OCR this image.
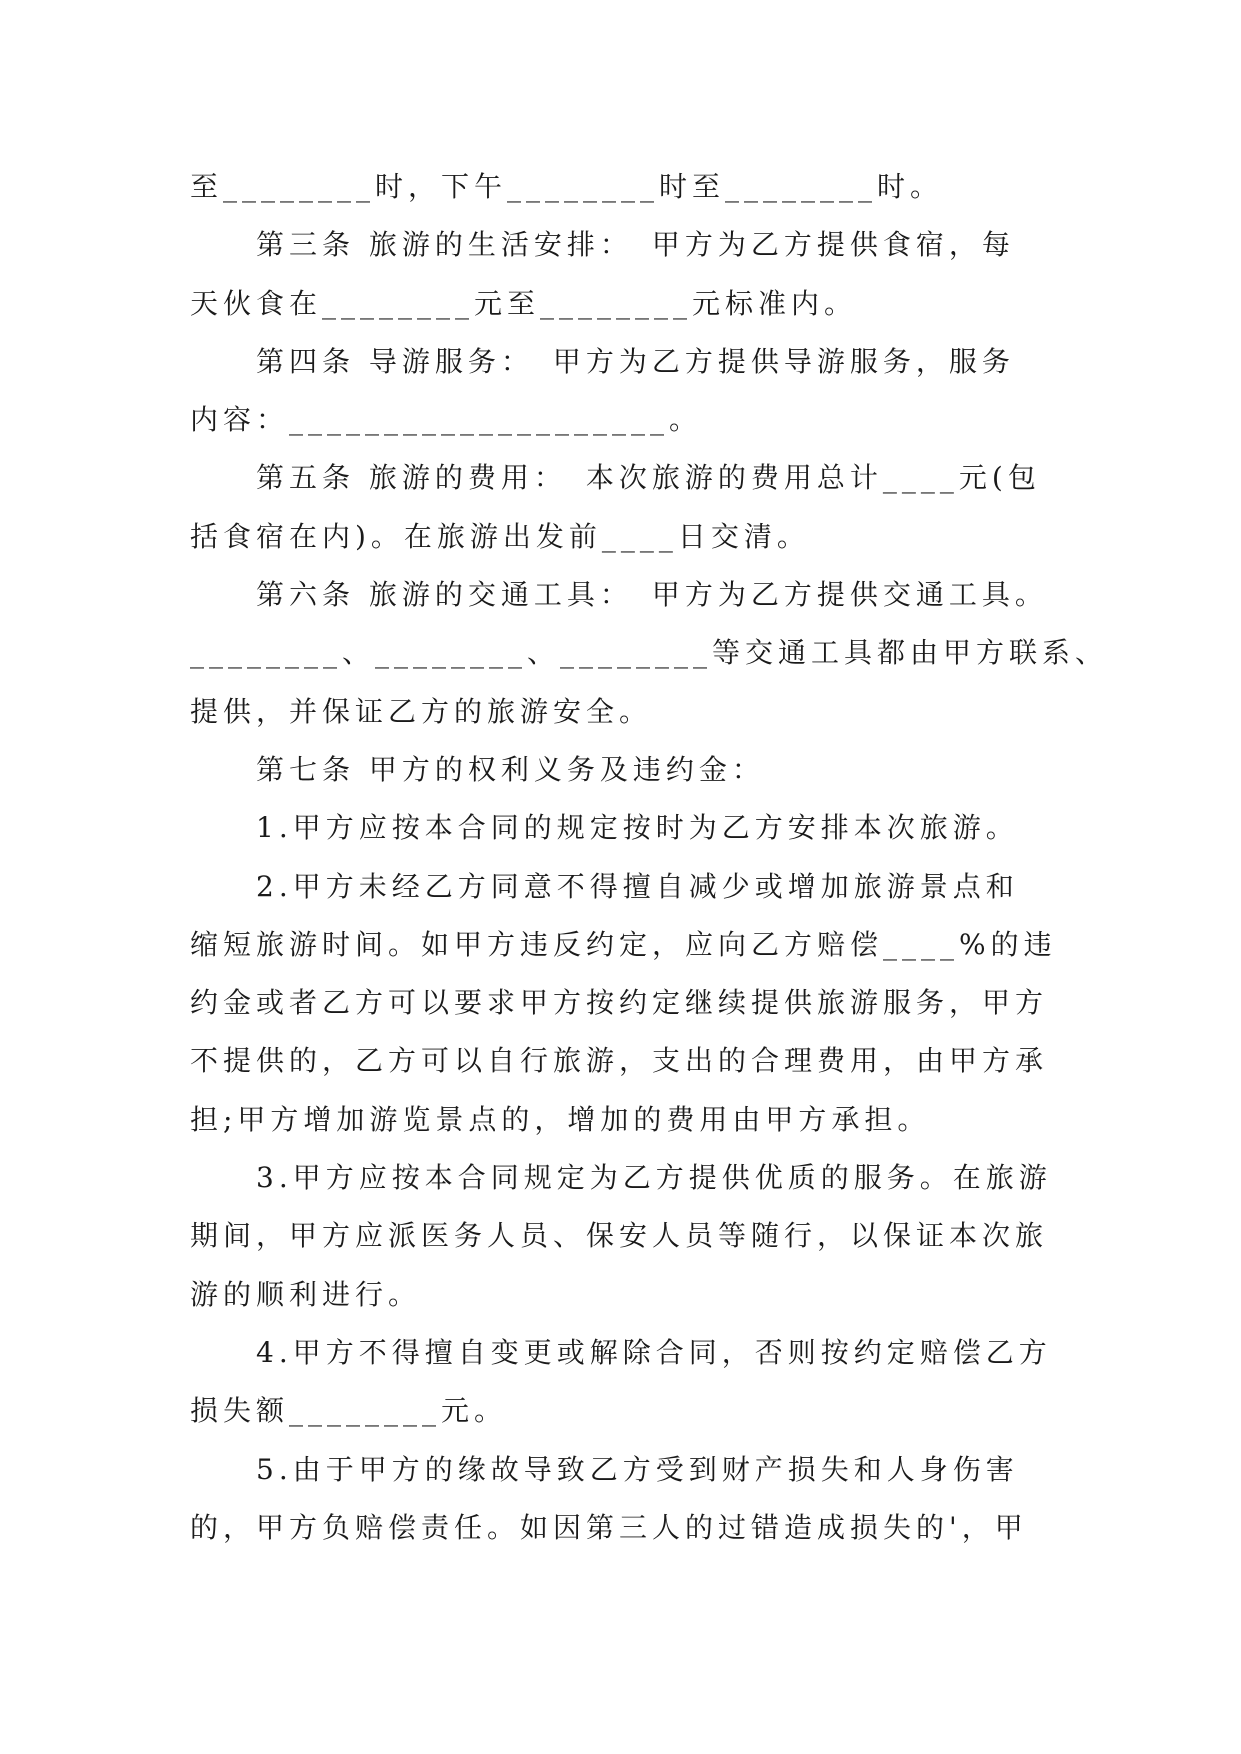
至________时，下午________时至________时。
第三条 旅游的生活安排：　甲方为乙方提供食宿，每
天伙食在________元至________元标准内。
第四条 导游服务：　甲方为乙方提供导游服务，服务
内容：____________________。
第五条 旅游的费用：　本次旅游的费用总计____元(包
括食宿在内)。在旅游出发前____日交清。
第六条 旅游的交通工具：　甲方为乙方提供交通工具。
________、________、________等交通工具都由甲方联系、
提供，并保证乙方的旅游安全。
第七条 甲方的权利义务及违约金：
1.甲方应按本合同的规定按时为乙方安排本次旅游。
2.甲方未经乙方同意不得擅自减少或增加旅游景点和
缩短旅游时间。如甲方违反约定，应向乙方赔偿____%的违
约金或者乙方可以要求甲方按约定继续提供旅游服务，甲方
不提供的，乙方可以自行旅游，支出的合理费用，由甲方承
担;甲方增加游览景点的，增加的费用由甲方承担。
3.甲方应按本合同规定为乙方提供优质的服务。在旅游
期间，甲方应派医务人员、保安人员等随行，以保证本次旅
游的顺利进行。
4.甲方不得擅自变更或解除合同，否则按约定赔偿乙方
损失额________元。
5.由于甲方的缘故导致乙方受到财产损失和人身伤害
的，甲方负赔偿责任。如因第三人的过错造成损失的'，甲
